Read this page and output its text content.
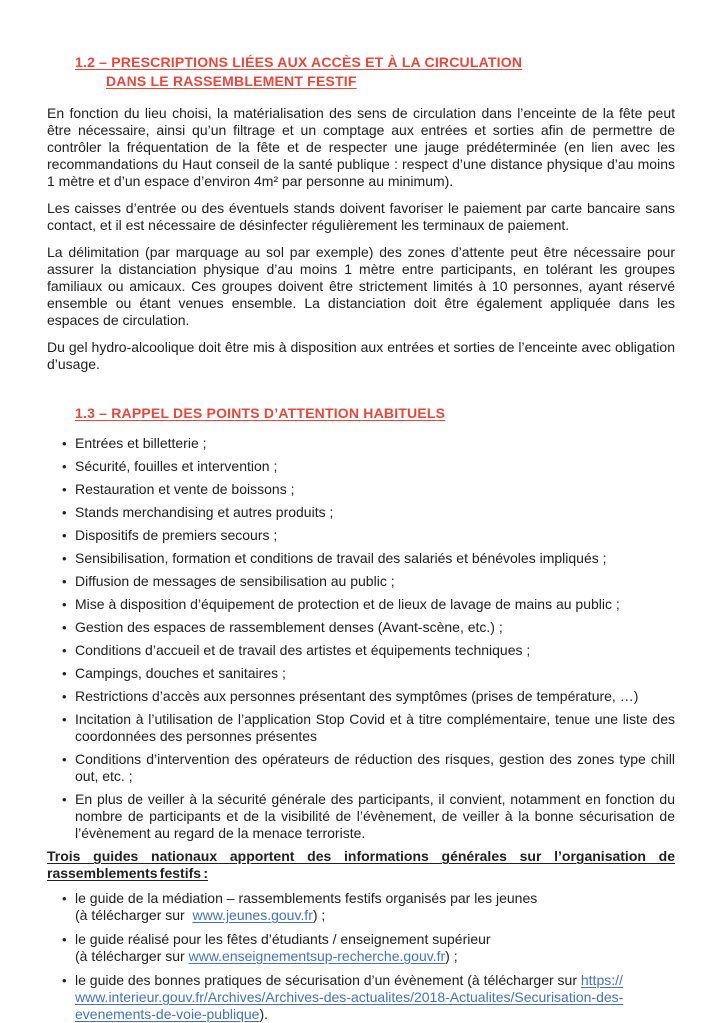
1.2 – PRESCRIPTIONS LIÉES AUX ACCÈS ET À LA CIRCULATION
DANS LE RASSEMBLEMENT FESTIF

En fonction du lieu choisi, la matérialisation des sens de circulation dans l’enceinte de la fête peut être nécessaire, ainsi qu’un filtrage et un comptage aux entrées et sorties afin de permettre de contrôler la fréquentation de la fête et de respecter une jauge prédéterminée (en lien avec les recommandations du Haut conseil de la santé publique : respect d’une distance physique d’au moins 1 mètre et d’un espace d’environ 4m² par personne au minimum).

Les caisses d’entrée ou des éventuels stands doivent favoriser le paiement par carte bancaire sans contact, et il est nécessaire de désinfecter régulièrement les terminaux de paiement.

La délimitation (par marquage au sol par exemple) des zones d’attente peut être nécessaire pour assurer la distanciation physique d’au moins 1 mètre entre participants, en tolérant les groupes familiaux ou amicaux. Ces groupes doivent être strictement limités à 10 personnes, ayant réservé ensemble ou étant venues ensemble. La distanciation doit être également appliquée dans les espaces de circulation.

Du gel hydro-alcoolique doit être mis à disposition aux entrées et sorties de l’enceinte avec obligation d’usage.

1.3 – RAPPEL DES POINTS D’ATTENTION HABITUELS
• Entrées et billetterie ;
• Sécurité, fouilles et intervention ;
• Restauration et vente de boissons ;
• Stands merchandising et autres produits ;
• Dispositifs de premiers secours ;
• Sensibilisation, formation et conditions de travail des salariés et bénévoles impliqués ;
• Diffusion de messages de sensibilisation au public ;
• Mise à disposition d’équipement de protection et de lieux de lavage de mains au public ;
• Gestion des espaces de rassemblement denses (Avant-scène, etc.) ;
• Conditions d’accueil et de travail des artistes et équipements techniques ;
• Campings, douches et sanitaires ;
• Restrictions d’accès aux personnes présentant des symptômes (prises de température, …)
• Incitation à l’utilisation de l’application Stop Covid et à titre complémentaire, tenue une liste des coordonnées des personnes présentes
• Conditions d’intervention des opérateurs de réduction des risques, gestion des zones type chill out, etc. ;
• En plus de veiller à la sécurité générale des participants, il convient, notamment en fonction du nombre de participants et de la visibilité de l’évènement, de veiller à la bonne sécurisation de l’évènement au regard de la menace terroriste.

Trois guides nationaux apportent des informations générales sur l’organisation de rassemblements festifs :

• le guide de la médiation – rassemblements festifs organisés par les jeunes
(à télécharger sur  www.jeunes.gouv.fr) ;
• le guide réalisé pour les fêtes d’étudiants / enseignement supérieur
(à télécharger sur www.enseignementsup-recherche.gouv.fr) ;
• le guide des bonnes pratiques de sécurisation d’un évènement (à télécharger sur https://
www.interieur.gouv.fr/Archives/Archives-des-actualites/2018-Actualites/Securisation-des-
evenements-de-voie-publique).
